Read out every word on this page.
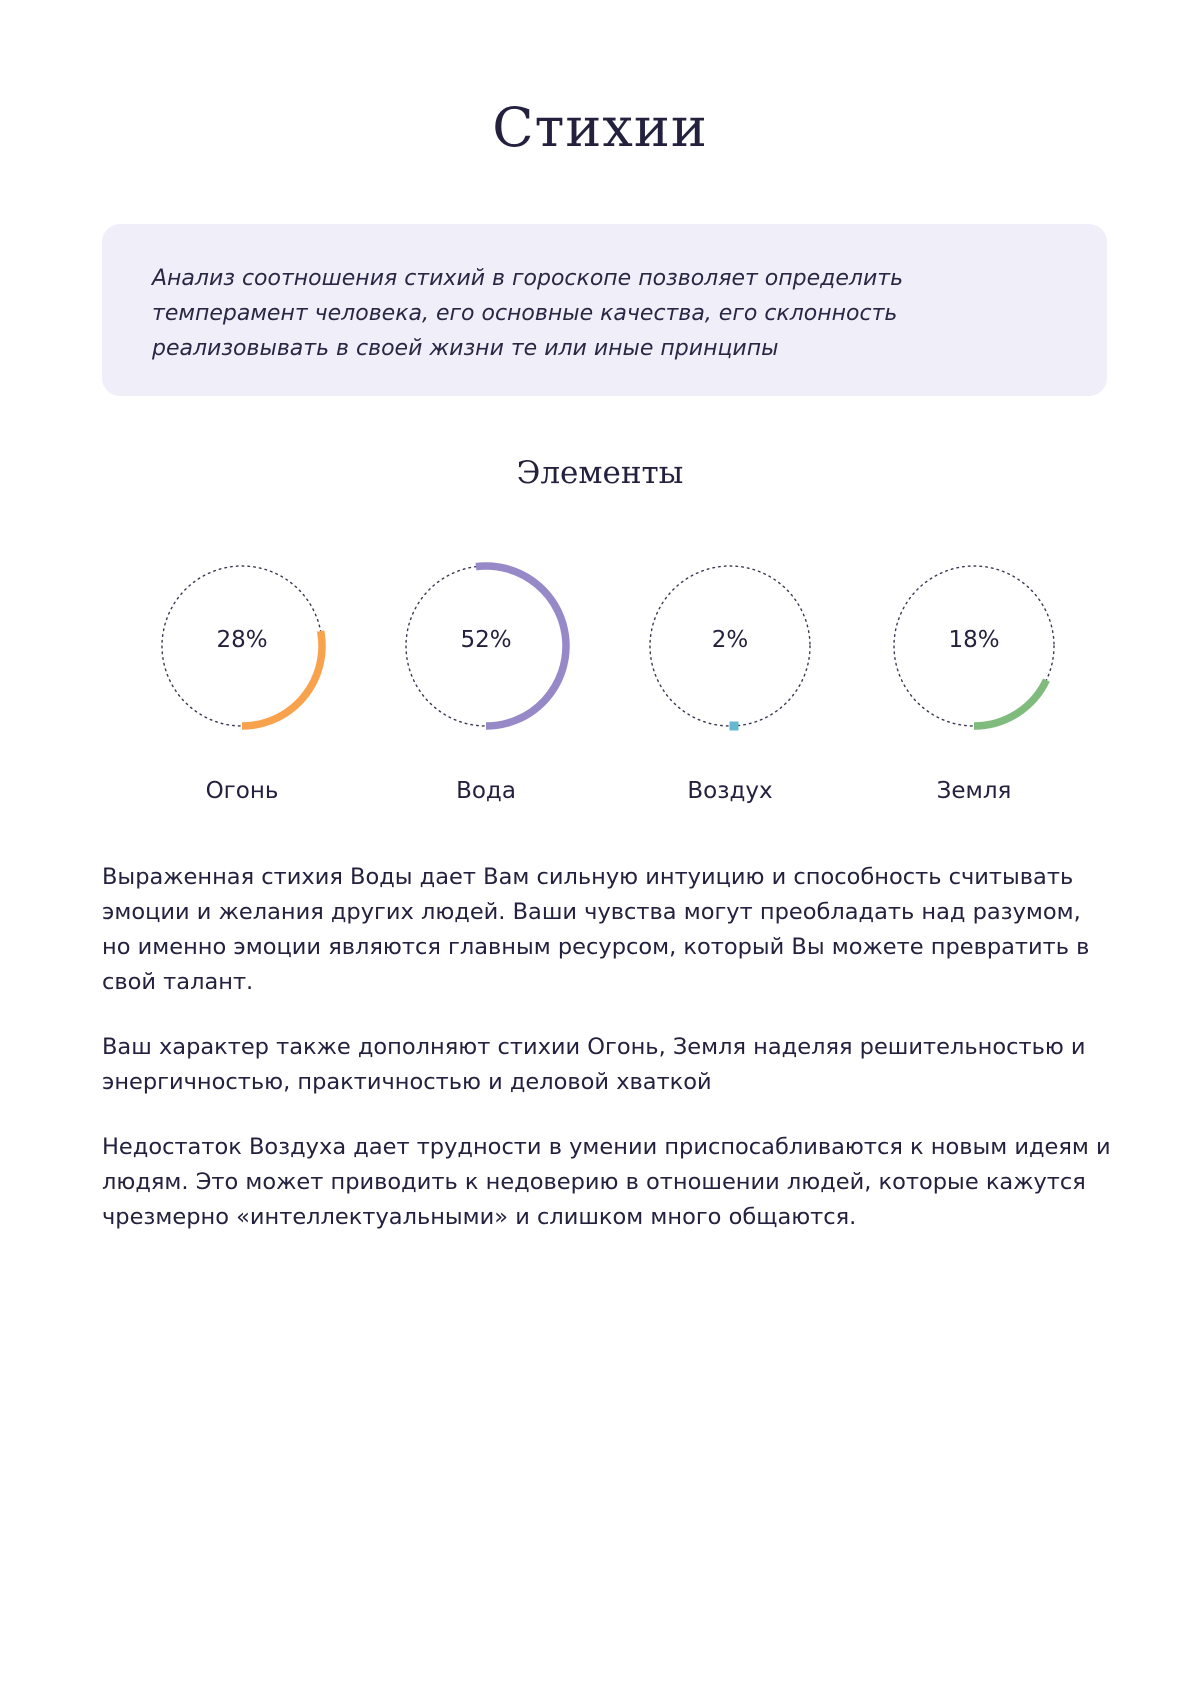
Стихии

Анализ соотношения стихий в гороскопе позволяет определить темперамент человека, его основные качества, его склонность реализовывать в своей жизни те или иные принципы

Элементы
28%
Огонь
52%
Вода
2%
Воздух
18%
Земля

Выраженная стихия Воды дает Вам сильную интуицию и способность считывать эмоции и желания других людей. Ваши чувства могут преобладать над разумом, но именно эмоции являются главным ресурсом, который Вы можете превратить в свой талант.

Ваш характер также дополняют стихии Огонь, Земля наделяя решительностью и энергичностью, практичностью и деловой хваткой

Недостаток Воздуха дает трудности в умении приспосабливаются к новым идеям и людям. Это может приводить к недоверию в отношении людей, которые кажутся чрезмерно «интеллектуальными» и слишком много общаются.
